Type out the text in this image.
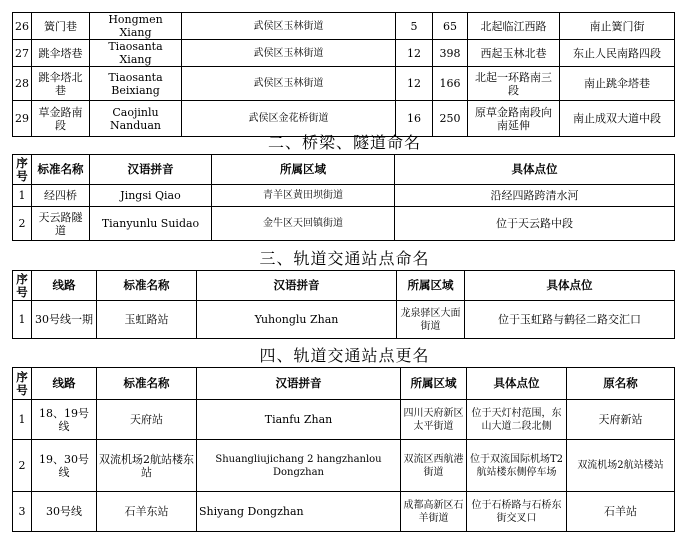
26	簧门巷	Hongmen Xiang	武侯区玉林街道	5	65	北起临江西路	南止簧门街
27	跳伞塔巷	Tiaosanta Xiang	武侯区玉林街道	12	398	西起玉林北巷	东止人民南路四段
28	跳伞塔北巷	Tiaosanta Beixiang	武侯区玉林街道	12	166	北起一环路南三段	南止跳伞塔巷
29	草金路南段	Caojinlu Nanduan	武侯区金花桥街道	16	250	原草金路南段向南延伸	南止成双大道中段
二、桥梁、隧道命名
序号	标准名称	汉语拼音	所属区域	具体点位
1	经四桥	Jingsi Qiao	青羊区黄田坝街道	沿经四路跨清水河
2	天云路隧道	Tianyunlu Suidao	金牛区天回镇街道	位于天云路中段
三、轨道交通站点命名
序号	线路	标准名称	汉语拼音	所属区域	具体点位
1	30号线一期	玉虹路站	Yuhonglu Zhan	龙泉驿区大面街道	位于玉虹路与鹤径二路交汇口
四、轨道交通站点更名
序号	线路	标准名称	汉语拼音	所属区域	具体点位	原名称
1	18、19号线	天府站	Tianfu Zhan	四川天府新区太平街道	位于天灯村范围，东山大道二段北侧	天府新站
2	19、30号线	双流机场2航站楼东站	Shuangliujichang 2 hangzhanlou Dongzhan	双流区西航港街道	位于双流国际机场T2航站楼东侧停车场	双流机场2航站楼站
3	30号线	石羊东站	Shiyang Dongzhan	成都高新区石羊街道	位于石桥路与石桥东街交叉口	石羊站
